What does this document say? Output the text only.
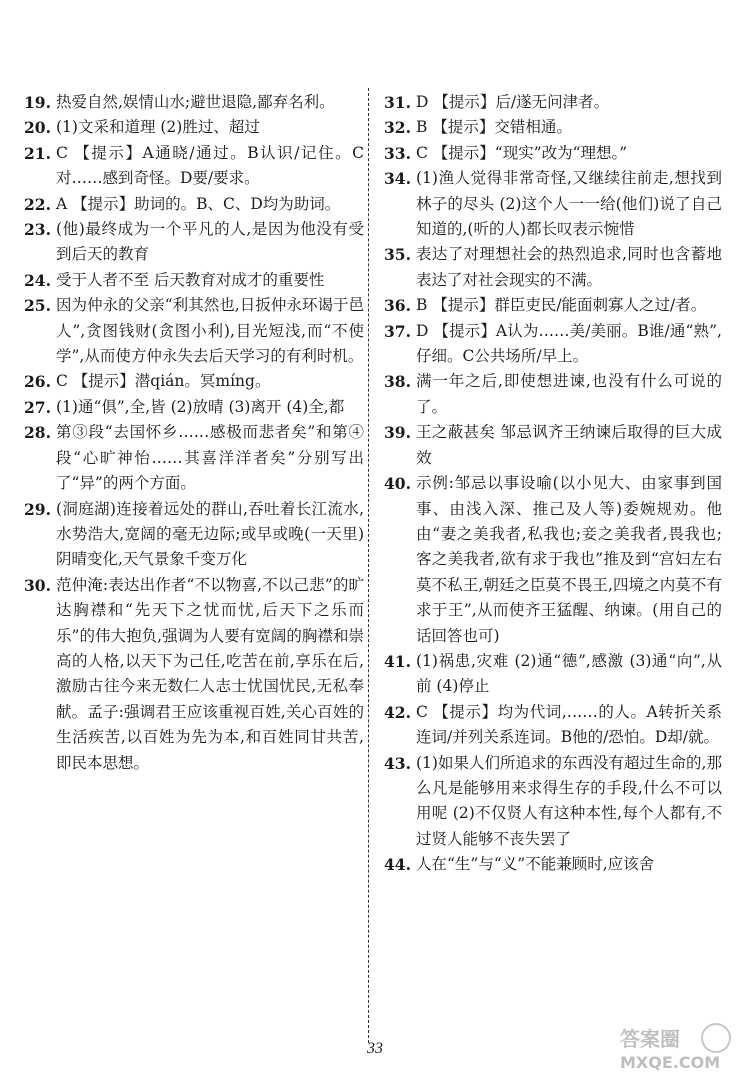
19. 热爱自然,娱情山水;避世退隐,鄙弃名利。
20. (1)文采和道理 (2)胜过、超过
21. C 【提示】A通晓/通过。B认识/记住。C对……感到奇怪。D要/要求。
22. A 【提示】助词的。B、C、D均为助词。
23. (他)最终成为一个平凡的人,是因为他没有受到后天的教育
24. 受于人者不至 后天教育对成才的重要性
25. 因为仲永的父亲“利其然也,日扳仲永环谒于邑人”,贪图钱财(贪图小利),目光短浅,而“不使学”,从而使方仲永失去后天学习的有利时机。
26. C 【提示】潜qián。冥míng。
27. (1)通“俱”,全,皆 (2)放晴 (3)离开 (4)全,都
28. 第③段“去国怀乡……感极而悲者矣”和第④段“心旷神怡……其喜洋洋者矣”分别写出了“异”的两个方面。
29. (洞庭湖)连接着远处的群山,吞吐着长江流水,水势浩大,宽阔的毫无边际;或早或晚(一天里)阴晴变化,天气景象千变万化
30. 范仲淹:表达出作者“不以物喜,不以己悲”的旷达胸襟和“先天下之忧而忧,后天下之乐而乐”的伟大抱负,强调为人要有宽阔的胸襟和崇高的人格,以天下为己任,吃苦在前,享乐在后,激励古往今来无数仁人志士忧国忧民,无私奉献。孟子:强调君王应该重视百姓,关心百姓的生活疾苦,以百姓为先为本,和百姓同甘共苦,即民本思想。
31. D 【提示】后/遂无问津者。
32. B 【提示】交错相通。
33. C 【提示】“现实”改为“理想。”
34. (1)渔人觉得非常奇怪,又继续往前走,想找到林子的尽头 (2)这个人一一给(他们)说了自己知道的,(听的人)都长叹表示惋惜
35. 表达了对理想社会的热烈追求,同时也含蓄地表达了对社会现实的不满。
36. B 【提示】群臣吏民/能面刺寡人之过/者。
37. D 【提示】A认为……美/美丽。B谁/通“熟”,仔细。C公共场所/早上。
38. 满一年之后,即使想进谏,也没有什么可说的了。
39. 王之蔽甚矣 邹忌讽齐王纳谏后取得的巨大成效
40. 示例:邹忌以事设喻(以小见大、由家事到国事、由浅入深、推己及人等)委婉规劝。他由“妻之美我者,私我也;妾之美我者,畏我也;客之美我者,欲有求于我也”推及到“宫妇左右莫不私王,朝廷之臣莫不畏王,四境之内莫不有求于王”,从而使齐王猛醒、纳谏。(用自己的话回答也可)
41. (1)祸患,灾难 (2)通“德”,感激 (3)通“向”,从前 (4)停止
42. C 【提示】均为代词,……的人。A转折关系连词/并列关系连词。B他的/恐怕。D却/就。
43. (1)如果人们所追求的东西没有超过生命的,那么凡是能够用来求得生存的手段,什么不可以用呢 (2)不仅贤人有这种本性,每个人都有,不过贤人能够不丧失罢了
44. 人在“生”与“义”不能兼顾时,应该舍
33	答案圈
MXQE.COM
